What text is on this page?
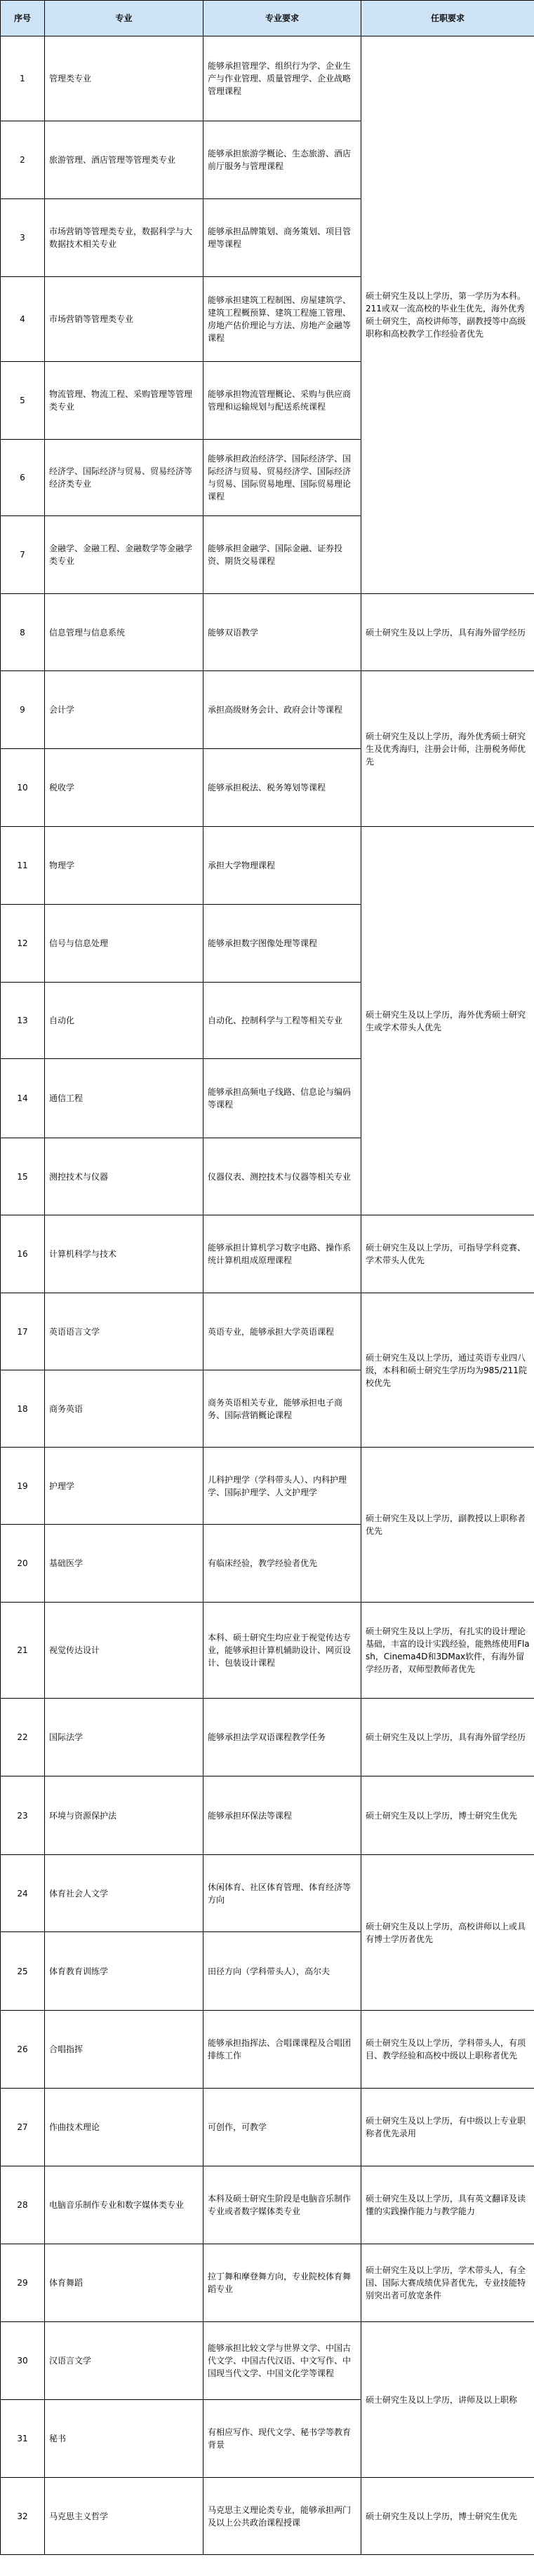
序号	专业	专业要求	任职要求
1	管理类专业	能够承担管理学、组织行为学、企业生产与作业管理、质量管理学、企业战略管理课程	硕士研究生及以上学历，第一学历为本科。211或双一流高校的毕业生优先，海外优秀硕士研究生，高校讲师等，副教授等中高级职称和高校教学工作经验者优先
2	旅游管理、酒店管理等管理类专业	能够承担旅游学概论、生态旅游、酒店前厅服务与管理课程	
3	市场营销等管理类专业，数据科学与大数据技术相关专业	能够承担品牌策划、商务策划、项目管理等课程	
4	市场营销等管理类专业	能够承担建筑工程制图、房屋建筑学、建筑工程概预算、建筑工程施工管理、房地产估价理论与方法、房地产金融等课程	
5	物流管理、物流工程、采购管理等管理类专业	能够承担物流管理概论、采购与供应商管理和运输规划与配送系统课程	
6	经济学、国际经济与贸易、贸易经济等经济类专业	能够承担政治经济学、国际经济学、国际经济与贸易、贸易经济学、国际经济与贸易、国际贸易地理、国际贸易理论课程	
7	金融学、金融工程、金融数学等金融学类专业	能够承担金融学、国际金融、证券投资、期货交易课程	
8	信息管理与信息系统	能够双语教学	硕士研究生及以上学历，具有海外留学经历
9	会计学	承担高级财务会计、政府会计等课程	硕士研究生及以上学历，海外优秀硕士研究生及优秀海归，注册会计师，注册税务师优先
10	税收学	能够承担税法、税务筹划等课程	
11	物理学	承担大学物理课程	硕士研究生及以上学历，海外优秀硕士研究生或学术带头人优先
12	信号与信息处理	能够承担数字图像处理等课程	
13	自动化	自动化、控制科学与工程等相关专业	
14	通信工程	能够承担高频电子线路、信息论与编码等课程	
15	测控技术与仪器	仪器仪表、测控技术与仪器等相关专业	
16	计算机科学与技术	能够承担计算机学习数字电路、操作系统计算机组成原理课程	硕士研究生及以上学历，可指导学科竞赛、学术带头人优先
17	英语语言文学	英语专业，能够承担大学英语课程	硕士研究生及以上学历，通过英语专业四八级，本科和硕士研究生学历均为985/211院校优先
18	商务英语	商务英语相关专业，能够承担电子商务、国际营销概论课程	
19	护理学	儿科护理学（学科带头人）、内科护理学、国际护理学、人文护理学	硕士研究生及以上学历，副教授以上职称者优先
20	基础医学	有临床经验，教学经验者优先	
21	视觉传达设计	本科、硕士研究生均应业于视觉传达专业，能够承担计算机辅助设计、网页设计、包装设计课程	硕士研究生及以上学历，有扎实的设计理论基础，丰富的设计实践经验，能熟练使用Flash，Cinema4D和3DMax软件，有海外留学经历者，双师型教师者优先
22	国际法学	能够承担法学双语课程教学任务	硕士研究生及以上学历，具有海外留学经历
23	环境与资源保护法	能够承担环保法等课程	硕士研究生及以上学历，博士研究生优先
24	体育社会人文学	休闲体育、社区体育管理、体育经济等方向	硕士研究生及以上学历，高校讲师以上或具有博士学历者优先
25	体育教育训练学	田径方向（学科带头人），高尔夫	
26	合唱指挥	能够承担指挥法、合唱课课程及合唱团排练工作	硕士研究生及以上学历，学科带头人，有项目、教学经验和高校中级以上职称者优先
27	作曲技术理论	可创作，可教学	硕士研究生及以上学历，有中级以上专业职称者优先录用
28	电脑音乐制作专业和数字媒体类专业	本科及硕士研究生阶段是电脑音乐制作专业或者数字媒体类专业	硕士研究生及以上学历，具有英文翻译及读懂的实践操作能力与教学能力
29	体育舞蹈	拉丁舞和摩登舞方向，专业院校体育舞蹈专业	硕士研究生及以上学历，学术带头人，有全国、国际大赛成绩优异者优先，专业技能特别突出者可放宽条件
30	汉语言文学	能够承担比较文学与世界文学、中国古代文学、中国古代汉语、中文写作、中国现当代文学、中国文化学等课程	硕士研究生及以上学历，讲师及以上职称
31	秘书	有相应写作、现代文学、秘书学等教育背景	
32	马克思主义哲学	马克思主义理论类专业，能够承担两门及以上公共政治课程授课	硕士研究生及以上学历，博士研究生优先
